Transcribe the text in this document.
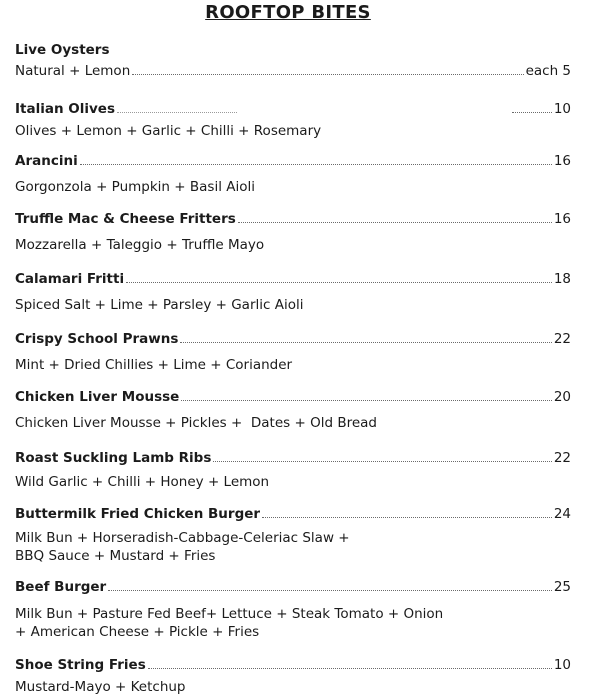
ROOFTOP BITES
Live Oysters
Natural + Lemon	each 5
Italian Olives	10
Olives + Lemon + Garlic + Chilli + Rosemary
Arancini	16
Gorgonzola + Pumpkin + Basil Aioli
Truffle Mac & Cheese Fritters	16
Mozzarella + Taleggio + Truffle Mayo
Calamari Fritti	18
Spiced Salt + Lime + Parsley + Garlic Aioli
Crispy School Prawns	22
Mint + Dried Chillies + Lime + Coriander
Chicken Liver Mousse	20
Chicken Liver Mousse + Pickles +  Dates + Old Bread
Roast Suckling Lamb Ribs	22
Wild Garlic + Chilli + Honey + Lemon
Buttermilk Fried Chicken Burger	24
Milk Bun + Horseradish-Cabbage-Celeriac Slaw +
BBQ Sauce + Mustard + Fries
Beef Burger	25
Milk Bun + Pasture Fed Beef+ Lettuce + Steak Tomato + Onion
+ American Cheese + Pickle + Fries
Shoe String Fries	10
Mustard-Mayo + Ketchup
